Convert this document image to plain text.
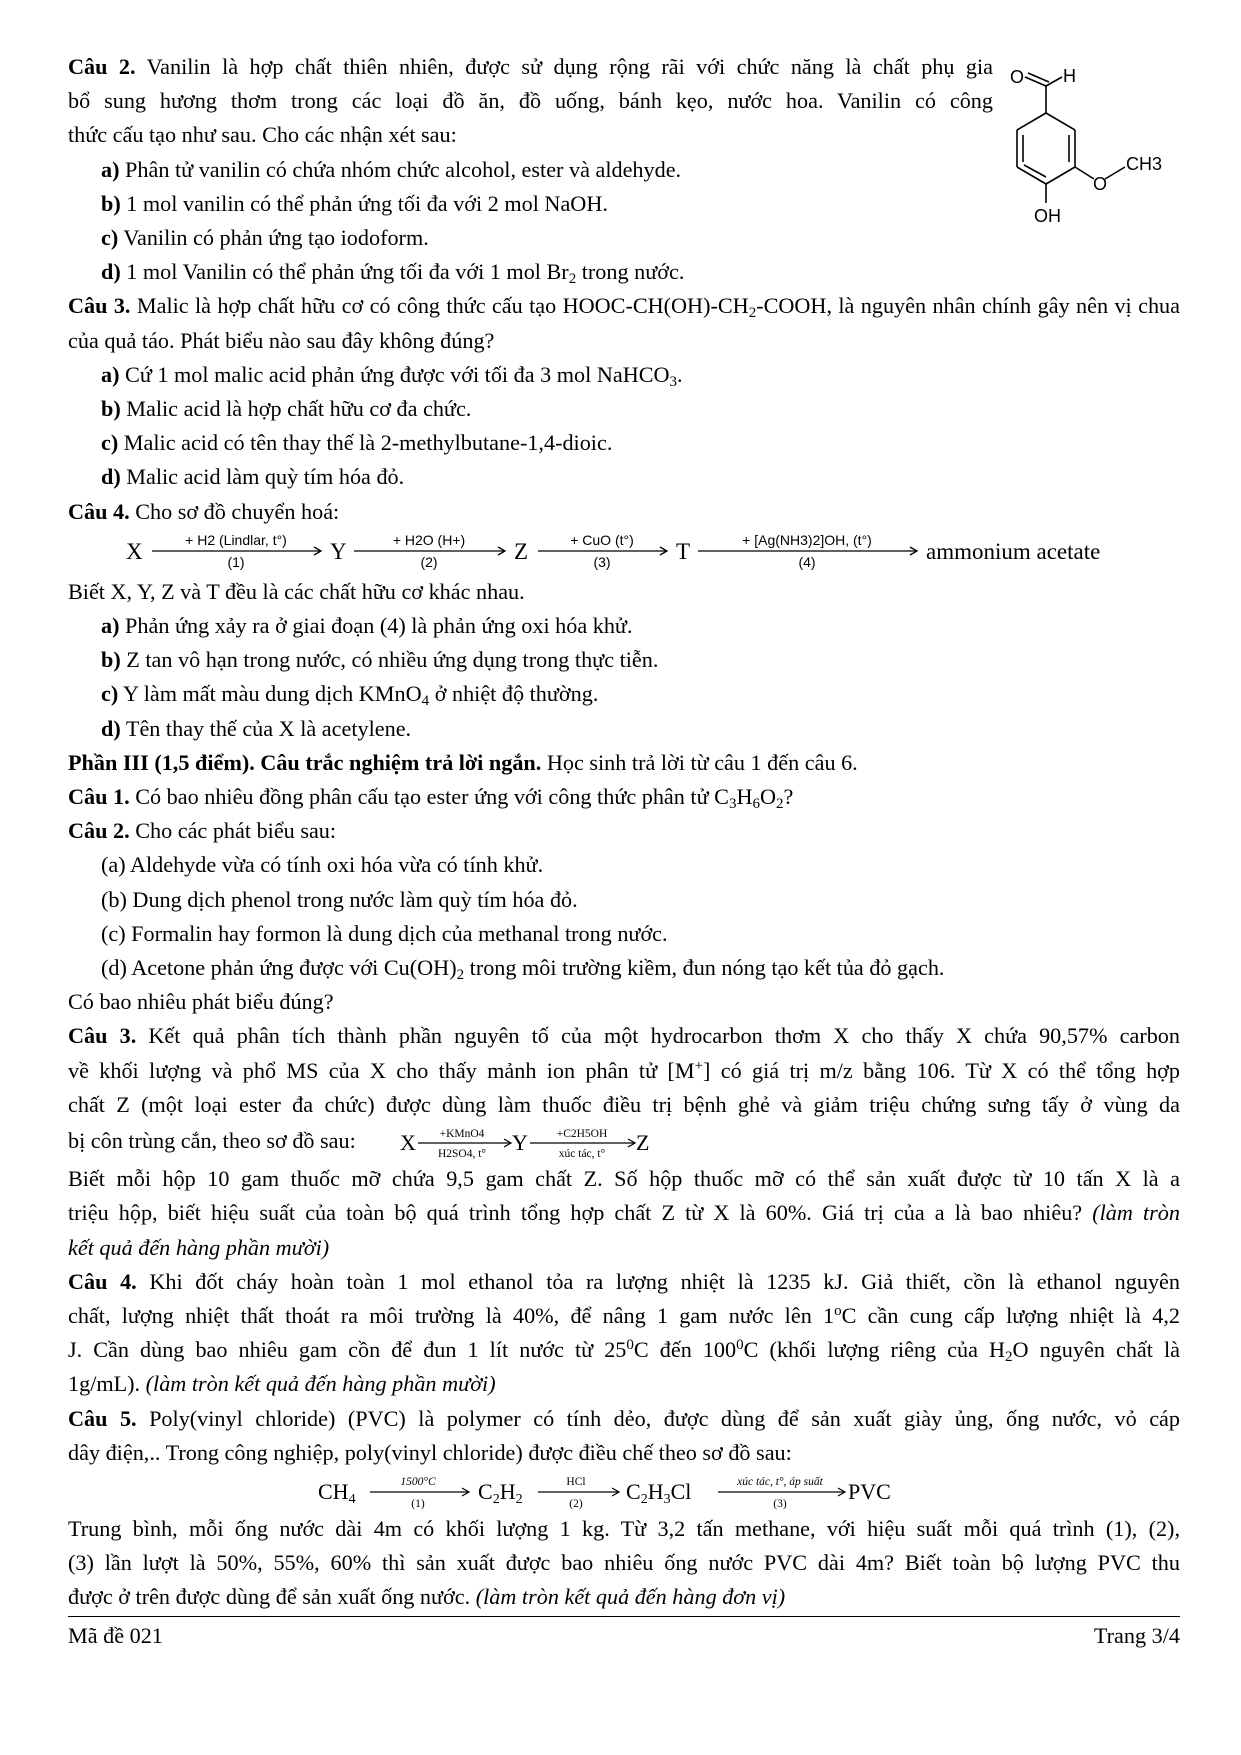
O H
O
CH3
OH

Câu 2. Vanilin là hợp chất thiên nhiên, được sử dụng rộng rãi với chức năng là chất phụ gia

bổ sung hương thơm trong các loại đồ ăn, đồ uống, bánh kẹo, nước hoa. Vanilin có công

thức cấu tạo như sau. Cho các nhận xét sau:

a) Phân tử vanilin có chứa nhóm chức alcohol, ester và aldehyde.

b) 1 mol vanilin có thể phản ứng tối đa với 2 mol NaOH.

c) Vanilin có phản ứng tạo iodoform.

d) 1 mol Vanilin có thể phản ứng tối đa với 1 mol $Br_2$ trong nước.

Câu 3. Malic là hợp chất hữu cơ có công thức cấu tạo HOOC-$CH(OH)-CH_2$-COOH, là nguyên nhân chính gây nên vị chua của quả táo. Phát biểu nào sau đây không đúng?

a) Cứ 1 mol malic acid phản ứng được với tối đa 3 mol NaHCO$_3$.

b) Malic acid là hợp chất hữu cơ đa chức.

c) Malic acid có tên thay thế là 2-methylbutane-1,4-dioic.

d) Malic acid làm quỳ tím hóa đỏ.

Câu 4. Cho sơ đồ chuyển hoá:

X	Y	Z	T	ammonium acetate
+ H2 (Lindlar, t°)
(1)
+ H2O (H+)
(2)
+ CuO (t°)
(3)
+ [Ag(NH3)2]OH, (t°)
(4)

Biết X, Y, Z và T đều là các chất hữu cơ khác nhau.

a) Phản ứng xảy ra ở giai đoạn (4) là phản ứng oxi hóa khử.

b) Z tan vô hạn trong nước, có nhiều ứng dụng trong thực tiễn.

c) Y làm mất màu dung dịch KMnO$_4$ ở nhiệt độ thường.

d) Tên thay thế của X là acetylene.

Phần III (1,5 điểm). Câu trắc nghiệm trả lời ngắn. Học sinh trả lời từ câu 1 đến câu 6.

Câu 1. Có bao nhiêu đồng phân cấu tạo ester ứng với công thức phân tử $C_3H_6O_2$?

Câu 2. Cho các phát biểu sau:

(a) Aldehyde vừa có tính oxi hóa vừa có tính khử.

(b) Dung dịch phenol trong nước làm quỳ tím hóa đỏ.

(c) Formalin hay formon là dung dịch của methanal trong nước.

(d) Acetone phản ứng được với $Cu(OH)_2$ trong môi trường kiềm, đun nóng tạo kết tủa đỏ gạch.

Có bao nhiêu phát biểu đúng?

Câu 3. Kết quả phân tích thành phần nguyên tố của một hydrocarbon thơm X cho thấy X chứa 90,57% carbon

về khối lượng và phổ MS của X cho thấy mảnh ion phân tử [M+] có giá trị m/z bằng 106. Từ X có thể tổng hợp

chất Z (một loại ester đa chức) được dùng làm thuốc điều trị bệnh ghẻ và giảm triệu chứng sưng tấy ở vùng da

bị côn trùng cắn, theo sơ đồ sau: X	Y	Z
+KMnO4
H2SO4, t°
+C2H5OH
xúc tác, t°

Biết mỗi hộp 10 gam thuốc mỡ chứa 9,5 gam chất Z. Số hộp thuốc mỡ có thể sản xuất được từ 10 tấn X là a

triệu hộp, biết hiệu suất của toàn bộ quá trình tổng hợp chất Z từ X là 60%. Giá trị của a là bao nhiêu? (làm tròn

kết quả đến hàng phần mười)

Câu 4. Khi đốt cháy hoàn toàn 1 mol ethanol tỏa ra lượng nhiệt là 1235 kJ. Giả thiết, cồn là ethanol nguyên

chất, lượng nhiệt thất thoát ra môi trường là 40%, để nâng 1 gam nước lên 1$^o$C cần cung cấp lượng nhiệt là 4,2

J. Cần dùng bao nhiêu gam cồn để đun 1 lít nước từ $25^0C$ đến $100^0C$ (khối lượng riêng của $H_2O$ nguyên chất là

1g/mL). (làm tròn kết quả đến hàng phần mười)

Câu 5. Poly(vinyl chloride) (PVC) là polymer có tính dẻo, được dùng để sản xuất giày ủng, ống nước, vỏ cáp

dây điện,.. Trong công nghiệp, poly(vinyl chloride) được điều chế theo sơ đồ sau:

CH4	C2H2	C2H3Cl	PVC
1500°C
(1)
HCl
(2)
xúc tác, t°, áp suất
(3)

Trung bình, mỗi ống nước dài 4m có khối lượng 1 kg. Từ 3,2 tấn methane, với hiệu suất mỗi quá trình (1), (2),

(3) lần lượt là 50%, 55%, 60% thì sản xuất được bao nhiêu ống nước PVC dài 4m? Biết toàn bộ lượng PVC thu

được ở trên được dùng để sản xuất ống nước. (làm tròn kết quả đến hàng đơn vị)

Mã đề 021	Trang 3/4
